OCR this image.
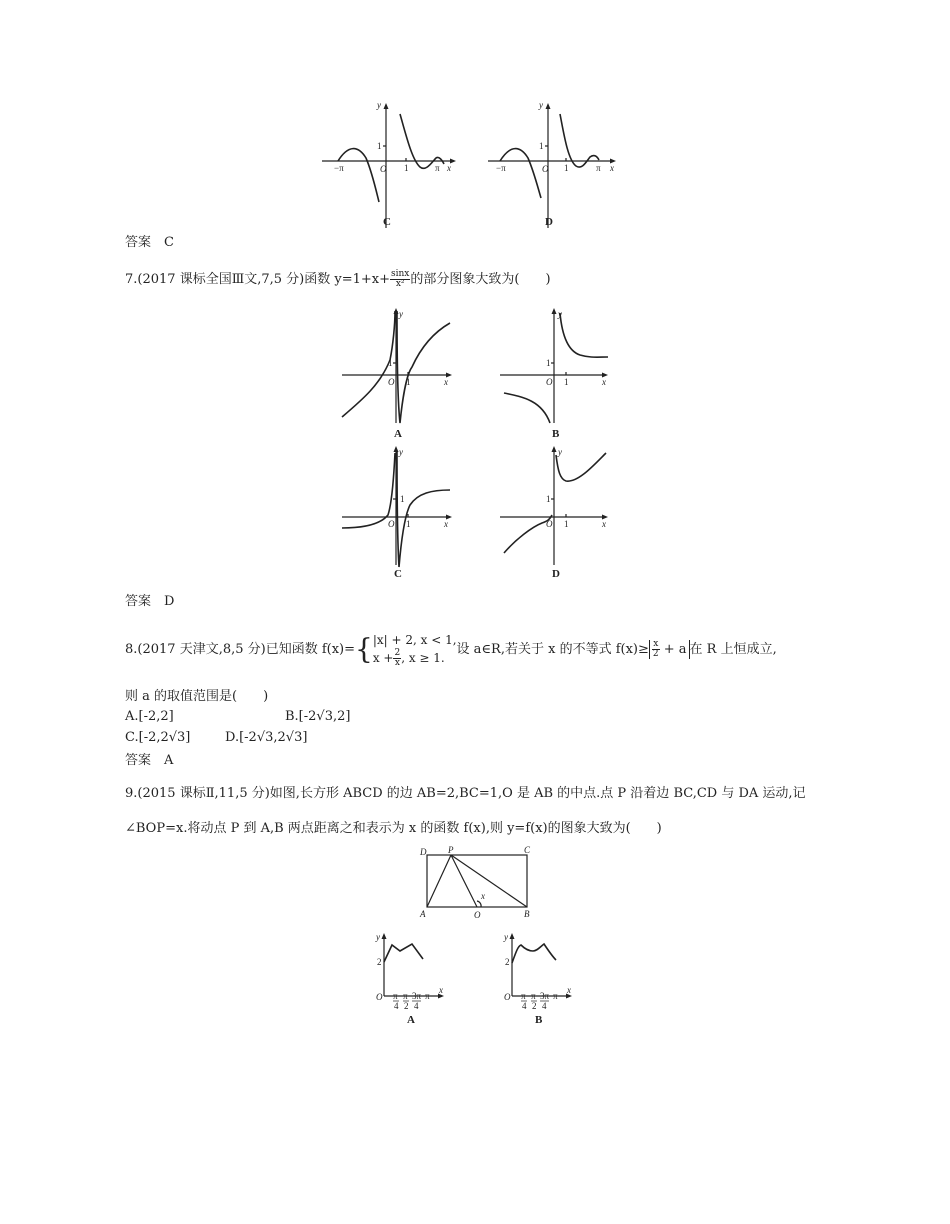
y
x
O
1
1
−π	π
C
y
x
O
1
1
−π	π
D
答案　C
7.(2017 课标全国Ⅲ文,7,5 分)函数 $y=1+x+ \frac{\sin x}{\text{x²}}$ 的部分图象大致为(　　)
y
x
O
1
1
A
y
x
O
1
1
B
y
x
O
1
1
C
y
x
O
1
1
D
答案　D
8.(2017 天津文,8,5 分)已知函数 f(x)={ |x| + 2, x < 1,
$x + \frac{2}{x}$ , x ≥ 1.
设 a∈R,若关于 x 的不等式 $f(x)\ge \frac{x}{2} + a$ 在 R 上恒成立,
则 a 的取值范围是(　　)
A.[-2,2]	B.[-2√3,2]
C.[-2,2√3]	D.[-2√3,2√3]
答案　A
9.(2015 课标Ⅱ,11,5 分)如图,长方形 ABCD 的边 AB=2,BC=1,O 是 AB 的中点.点 P 沿着边 BC,CD 与 DA 运动,记
∠BOP=x.将动点 P 到 A,B 两点距离之和表示为 x 的函数 f(x),则 y=f(x)的图象大致为(　　)
D P	C
A	O	B
x
y
x
O
2
π
4
π
2
3π
4
π
A
y
x
O
2
π
4
π
2
3π
4
π
B
